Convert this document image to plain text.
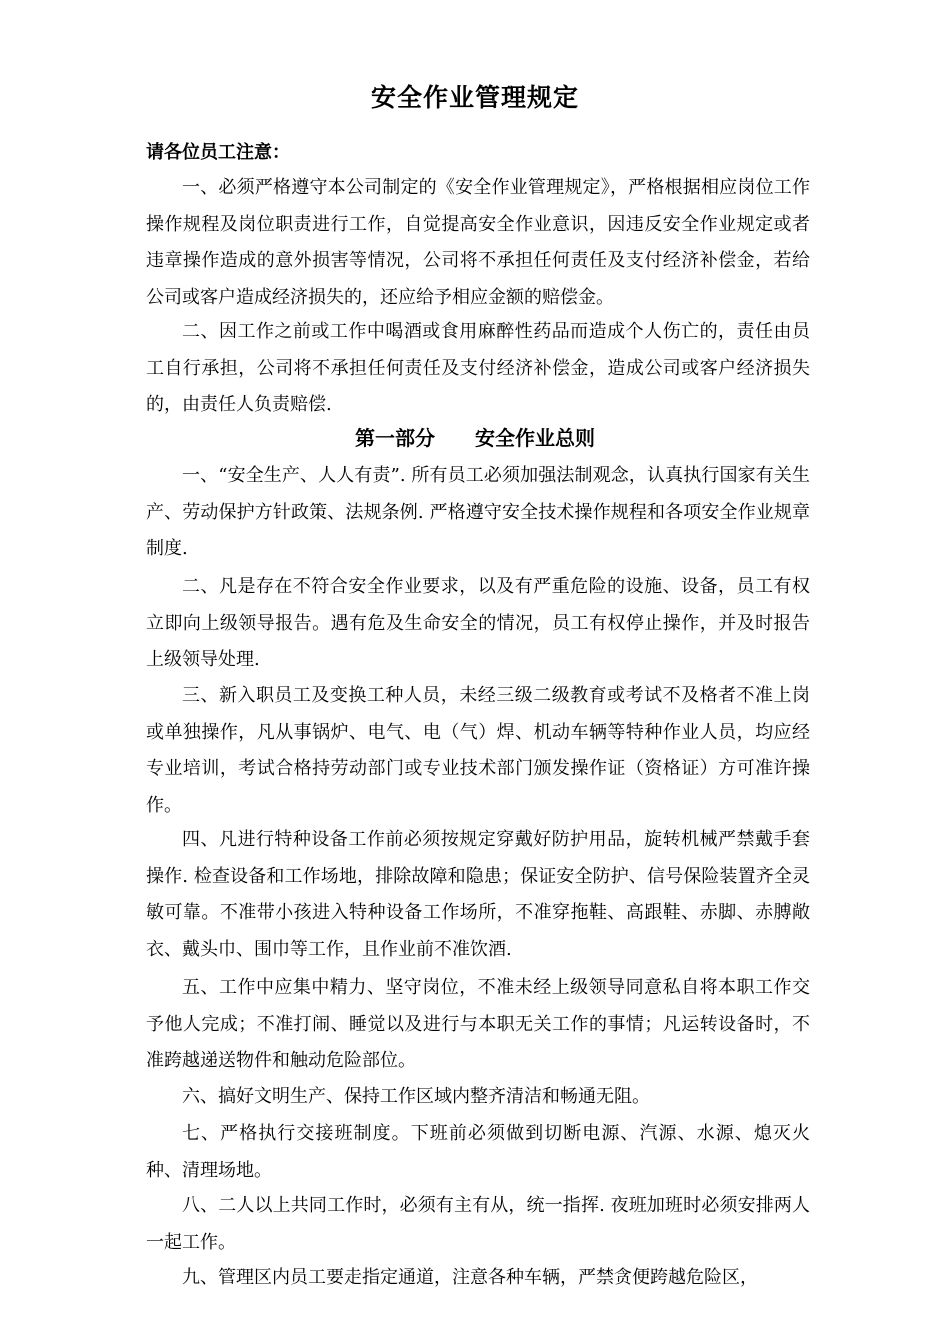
安全作业管理规定
请各位员工注意：
一、必须严格遵守本公司制定的《安全作业管理规定》，严格根据相应岗位工作操作规程及岗位职责进行工作，自觉提高安全作业意识，因违反安全作业规定或者违章操作造成的意外损害等情况，公司将不承担任何责任及支付经济补偿金，若给公司或客户造成经济损失的，还应给予相应金额的赔偿金。
二、因工作之前或工作中喝酒或食用麻醉性药品而造成个人伤亡的，责任由员工自行承担，公司将不承担任何责任及支付经济补偿金，造成公司或客户经济损失的，由责任人负责赔偿.
第一部分　　安全作业总则
一、“安全生产、人人有责”. 所有员工必须加强法制观念，认真执行国家有关生产、劳动保护方针政策、法规条例. 严格遵守安全技术操作规程和各项安全作业规章制度.
二、凡是存在不符合安全作业要求，以及有严重危险的设施、设备，员工有权立即向上级领导报告。遇有危及生命安全的情况，员工有权停止操作，并及时报告上级领导处理.
三、新入职员工及变换工种人员，未经三级二级教育或考试不及格者不准上岗或单独操作，凡从事锅炉、电气、电（气）焊、机动车辆等特种作业人员，均应经专业培训，考试合格持劳动部门或专业技术部门颁发操作证（资格证）方可准许操作。
四、凡进行特种设备工作前必须按规定穿戴好防护用品，旋转机械严禁戴手套操作. 检查设备和工作场地，排除故障和隐患；保证安全防护、信号保险装置齐全灵敏可靠。不准带小孩进入特种设备工作场所，不准穿拖鞋、高跟鞋、赤脚、赤膊敞衣、戴头巾、围巾等工作，且作业前不准饮酒.
五、工作中应集中精力、坚守岗位，不准未经上级领导同意私自将本职工作交予他人完成；不准打闹、睡觉以及进行与本职无关工作的事情；凡运转设备时，不准跨越递送物件和触动危险部位。
六、搞好文明生产、保持工作区域内整齐清洁和畅通无阻。
七、严格执行交接班制度。下班前必须做到切断电源、汽源、水源、熄灭火种、清理场地。
八、二人以上共同工作时，必须有主有从，统一指挥. 夜班加班时必须安排两人一起工作。
九、管理区内员工要走指定通道，注意各种车辆，严禁贪便跨越危险区，
